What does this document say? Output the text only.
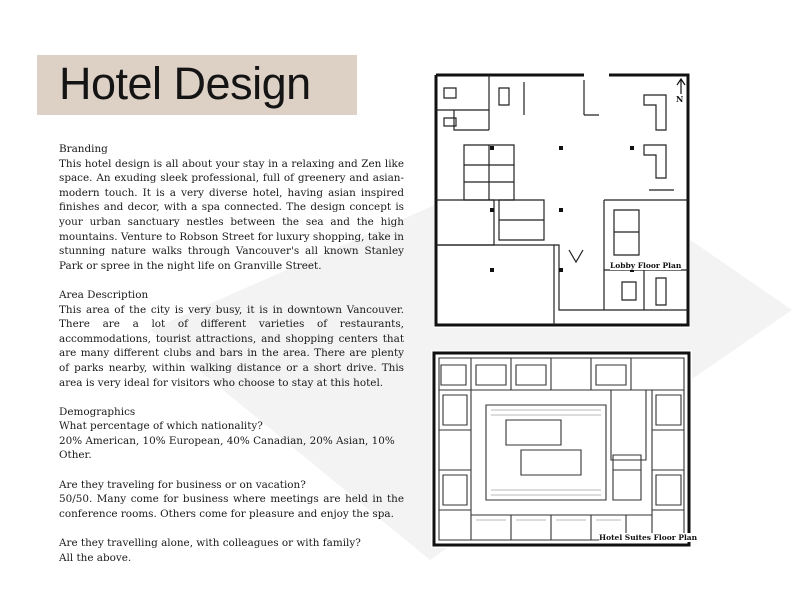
Hotel Design

Branding

This hotel design is all about your stay in a relaxing and Zen like space. An exuding sleek professional, full of greenery and asian-modern touch. It is a very diverse hotel, having asian inspired finishes and decor, with a spa connected. The design concept is your urban sanctuary nestles between the sea and the high mountains. Venture to Robson Street for luxury shopping, take in stunning nature walks through Vancouver's all known Stanley Park or spree in the night life on Granville Street.

Area Description

This area of the city is very busy, it is in downtown Vancouver. There are a lot of different varieties of restaurants, accommodations, tourist attractions, and shopping centers that are many different clubs and bars in the area. There are plenty of parks nearby, within walking distance or a short drive. This area is very ideal for visitors who choose to stay at this hotel.

Demographics

What percentage of which nationality?

20% American, 10% European, 40% Canadian, 20% Asian, 10% Other.

Are they traveling for business or on vacation?

50/50. Many come for business where meetings are held in the conference rooms. Others come for pleasure and enjoy the spa.

Are they travelling alone, with colleagues or with family?

All the above.

N
Lobby Floor Plan
Hotel Suites Floor Plan
